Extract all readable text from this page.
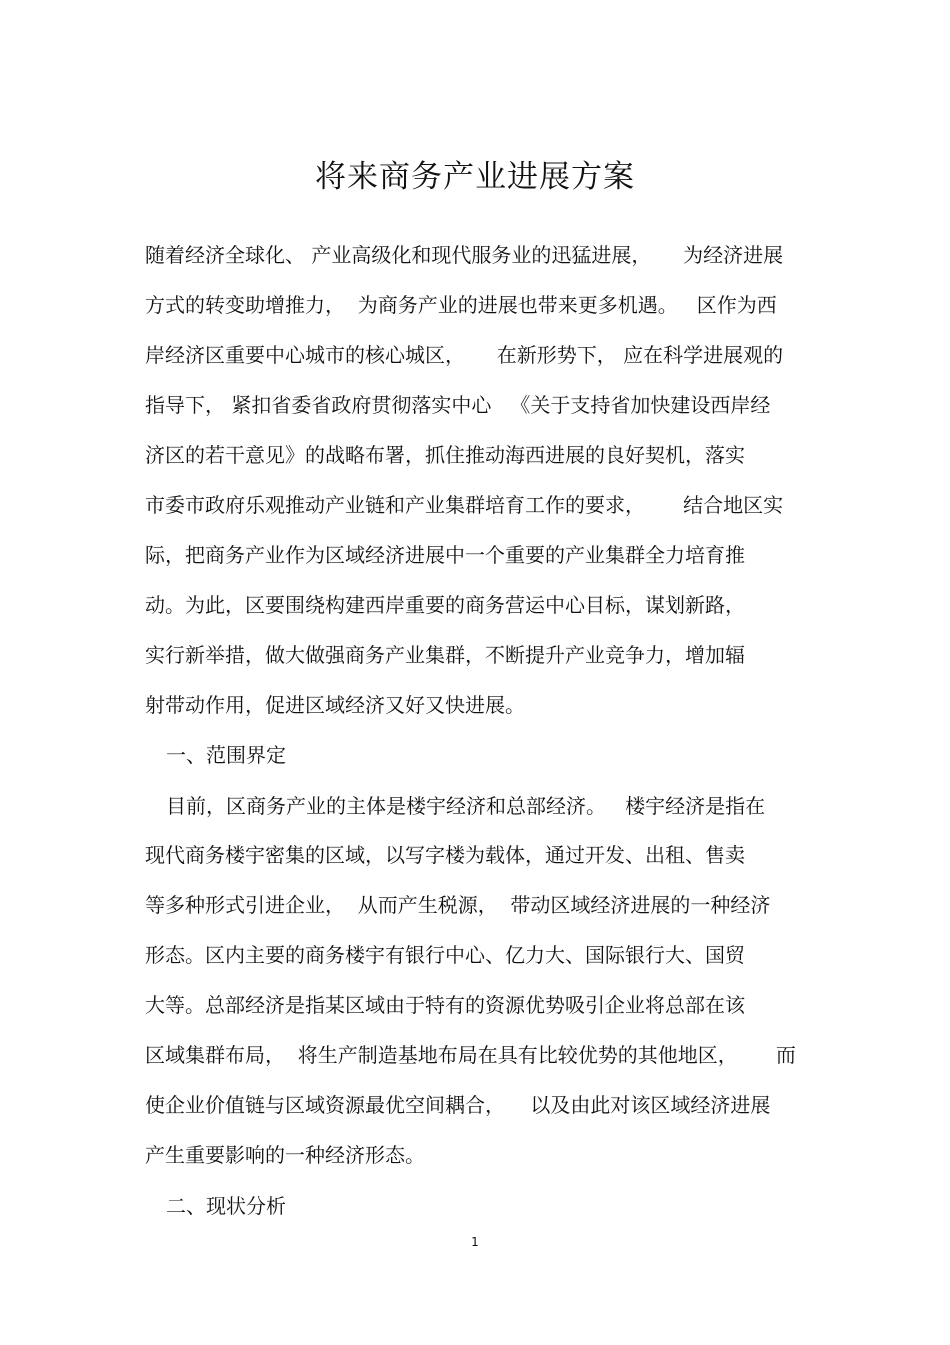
将来商务产业进展方案
随着经济全球化、 产业高级化和现代服务业的迅猛进展，     为经济进展
方式的转变助增推力，  为商务产业的进展也带来更多机遇。   区作为西
岸经济区重要中心城市的核心城区，     在新形势下， 应在科学进展观的
指导下， 紧扣省委省政府贯彻落实中心   《关于支持省加快建设西岸经
济区的若干意见》的战略布署，抓住推动海西进展的良好契机，落实
市委市政府乐观推动产业链和产业集群培育工作的要求，      结合地区实
际，把商务产业作为区域经济进展中一个重要的产业集群全力培育推
动。为此，区要围绕构建西岸重要的商务营运中心目标，谋划新路，
实行新举措，做大做强商务产业集群，不断提升产业竞争力，增加辐
射带动作用，促进区域经济又好又快进展。
一、范围界定
目前，区商务产业的主体是楼宇经济和总部经济。   楼宇经济是指在
现代商务楼宇密集的区域，以写字楼为载体，通过开发、出租、售卖
等多种形式引进企业，  从而产生税源，  带动区域经济进展的一种经济
形态。区内主要的商务楼宇有银行中心、亿力大、国际银行大、国贸
大等。总部经济是指某区域由于特有的资源优势吸引企业将总部在该
区域集群布局，  将生产制造基地布局在具有比较优势的其他地区，      而
使企业价值链与区域资源最优空间耦合，    以及由此对该区域经济进展
产生重要影响的一种经济形态。
二、现状分析
1
